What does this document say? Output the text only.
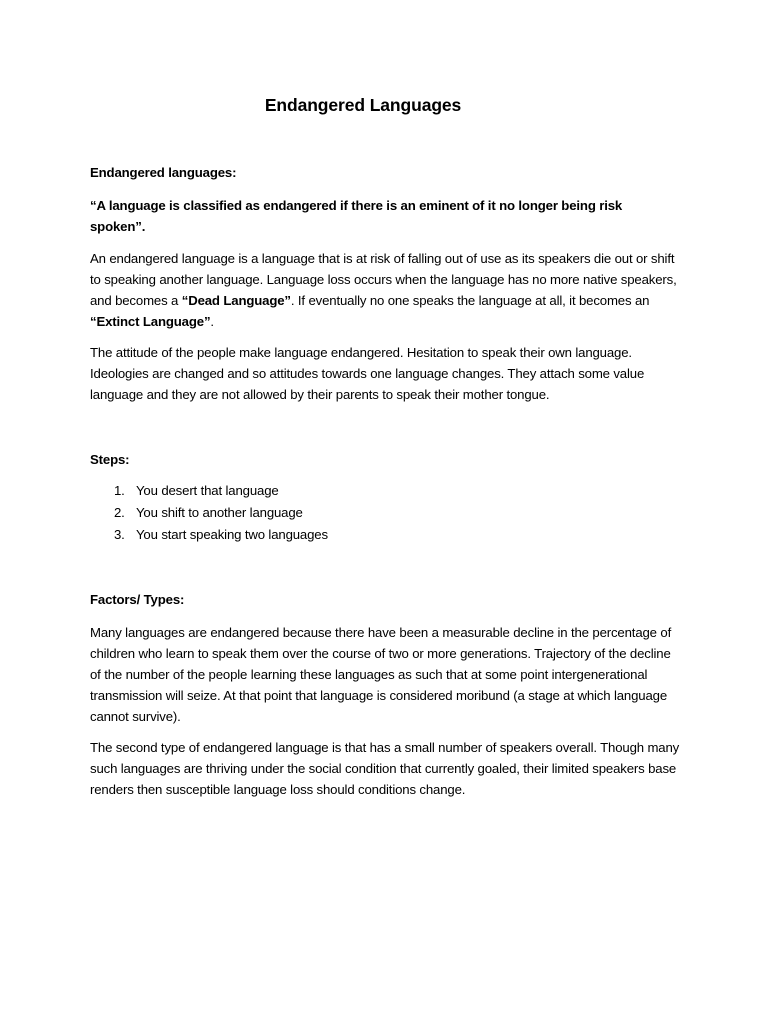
Endangered Languages

Endangered languages:

“A language is classified as endangered if there is an eminent of it no longer being risk spoken”.

An endangered language is a language that is at risk of falling out of use as its speakers die out or shift to speaking another language. Language loss occurs when the language has no more native speakers, and becomes a “Dead Language”. If eventually no one speaks the language at all, it becomes an “Extinct Language”.

The attitude of the people make language endangered. Hesitation to speak their own language. Ideologies are changed and so attitudes towards one language changes. They attach some value language and they are not allowed by their parents to speak their mother tongue.

Steps:

1. You desert that language
2. You shift to another language
3. You start speaking two languages

Factors/ Types:

Many languages are endangered because there have been a measurable decline in the percentage of children who learn to speak them over the course of two or more generations. Trajectory of the decline of the number of the people learning these languages as such that at some point intergenerational transmission will seize. At that point that language is considered moribund (a stage at which language cannot survive).

The second type of endangered language is that has a small number of speakers overall. Though many such languages are thriving under the social condition that currently goaled, their limited speakers base renders then susceptible language loss should conditions change.
